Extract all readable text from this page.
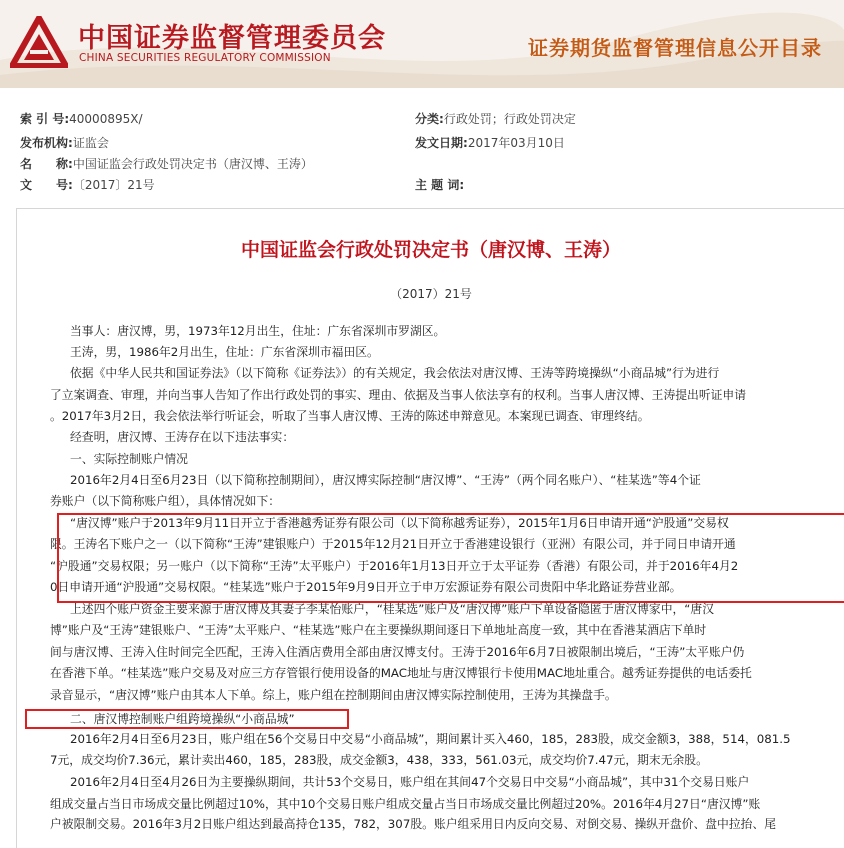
中国证券监督管理委员会
CHINA SECURITIES REGULATORY COMMISSION	证券期货监督管理信息公开目录
索 引 号:40000895X/	分类:行政处罚；行政处罚决定
发布机构:证监会	发文日期:2017年03月10日
名　　称:中国证监会行政处罚决定书（唐汉博、王涛）
文　　号:〔2017〕21号	主 题 词:
中国证监会行政处罚决定书（唐汉博、王涛）
（2017）21号
当事人：唐汉博，男，1973年12月出生，住址：广东省深圳市罗湖区。
王涛，男，1986年2月出生，住址：广东省深圳市福田区。
依据《中华人民共和国证券法》（以下简称《证券法》）的有关规定，我会依法对唐汉博、王涛等跨境操纵“小商品城”行为进行
了立案调查、审理，并向当事人告知了作出行政处罚的事实、理由、依据及当事人依法享有的权利。当事人唐汉博、王涛提出听证申请
。2017年3月2日，我会依法举行听证会，听取了当事人唐汉博、王涛的陈述申辩意见。本案现已调查、审理终结。
经查明，唐汉博、王涛存在以下违法事实：
一、实际控制账户情况
2016年2月4日至6月23日（以下简称控制期间），唐汉博实际控制“唐汉博”、“王涛”（两个同名账户）、“桂某选”等4个证
券账户（以下简称账户组），具体情况如下：
“唐汉博”账户于2013年9月11日开立于香港越秀证券有限公司（以下简称越秀证券），2015年1月6日申请开通“沪股通”交易权
限。王涛名下账户之一（以下简称“王涛”建银账户）于2015年12月21日开立于香港建设银行（亚洲）有限公司，并于同日申请开通
“沪股通”交易权限；另一账户（以下简称“王涛”太平账户）于2016年1月13日开立于太平证券（香港）有限公司，并于2016年4月2
0日申请开通“沪股通”交易权限。“桂某选”账户于2015年9月9日开立于申万宏源证券有限公司贵阳中华北路证券营业部。
上述四个账户资金主要来源于唐汉博及其妻子李某怡账户，“桂某选”账户及“唐汉博”账户下单设备隐匿于唐汉博家中，“唐汉
博”账户及“王涛”建银账户、“王涛”太平账户、“桂某选”账户在主要操纵期间逐日下单地址高度一致，其中在香港某酒店下单时
间与唐汉博、王涛入住时间完全匹配，王涛入住酒店费用全部由唐汉博支付。王涛于2016年6月7日被限制出境后，“王涛”太平账户仍
在香港下单。“桂某选”账户交易及对应三方存管银行使用设备的MAC地址与唐汉博银行卡使用MAC地址重合。越秀证券提供的电话委托
录音显示，“唐汉博”账户由其本人下单。综上，账户组在控制期间由唐汉博实际控制使用，王涛为其操盘手。
二、唐汉博控制账户组跨境操纵“小商品城”
2016年2月4日至6月23日，账户组在56个交易日中交易“小商品城”，期间累计买入460，185，283股，成交金额3，388，514，081.5
7元，成交均价7.36元，累计卖出460，185，283股，成交金额3，438，333，561.03元，成交均价7.47元，期末无余股。
2016年2月4日至4月26日为主要操纵期间，共计53个交易日，账户组在其间47个交易日中交易“小商品城”，其中31个交易日账户
组成交量占当日市场成交量比例超过10%，其中10个交易日账户组成交量占当日市场成交量比例超过20%。2016年4月27日“唐汉博”账
户被限制交易。2016年3月2日账户组达到最高持仓135，782，307股。账户组采用日内反向交易、对倒交易、操纵开盘价、盘中拉抬、尾
